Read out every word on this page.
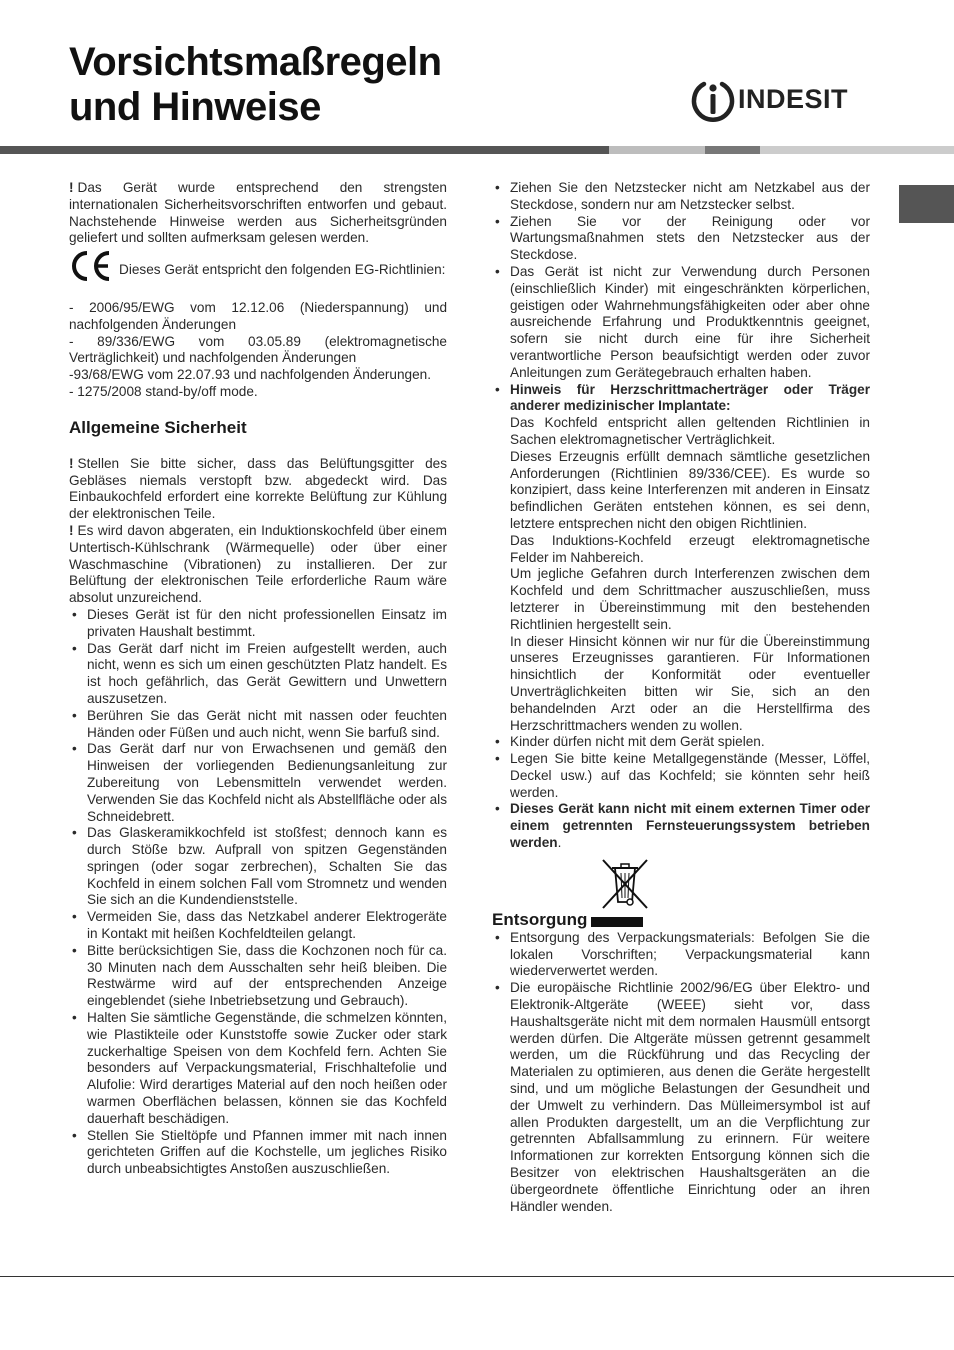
Vorsichtsmaßregeln
und Hinweise	INDESIT

! Das Gerät wurde entsprechend den strengsten internationalen Sicherheitsvorschriften entworfen und gebaut. Nachstehende Hinweise werden aus Sicherheitsgründen geliefert und sollten aufmerksam gelesen werden.

Dieses Gerät entspricht den folgenden EG-Richtlinien:

- 2006/95/EWG vom 12.12.06 (Niederspannung) und nachfolgenden Änderungen

- 89/336/EWG vom 03.05.89 (elektromagnetische Verträglichkeit) und nachfolgenden Änderungen

-93/68/EWG vom 22.07.93 und nachfolgenden Änderungen.

- 1275/2008 stand-by/off mode.

Allgemeine Sicherheit

! Stellen Sie bitte sicher, dass das Belüftungsgitter des Gebläses niemals verstopft bzw. abgedeckt wird. Das Einbaukochfeld erfordert eine korrekte Belüftung zur Kühlung der elektronischen Teile.

! Es wird davon abgeraten, ein Induktionskochfeld über einem Untertisch-Kühlschrank (Wärmequelle) oder über einer Waschmaschine (Vibrationen) zu installieren. Der zur Belüftung der elektronischen Teile erforderliche Raum wäre absolut unzureichend.

• Dieses Gerät ist für den nicht professionellen Einsatz im privaten Haushalt bestimmt.
• Das Gerät darf nicht im Freien aufgestellt werden, auch nicht, wenn es sich um einen geschützten Platz handelt. Es ist hoch gefährlich, das Gerät Gewittern und Unwettern auszusetzen.
• Berühren Sie das Gerät nicht mit nassen oder feuchten Händen oder Füßen und auch nicht, wenn Sie barfuß sind.
• Das Gerät darf nur von Erwachsenen und gemäß den Hinweisen der vorliegenden Bedienungsanleitung zur Zubereitung von Lebensmitteln verwendet werden. Verwenden Sie das Kochfeld nicht als Abstellfläche oder als Schneidebrett.
• Das Glaskeramikkochfeld ist stoßfest; dennoch kann es durch Stöße bzw. Aufprall von spitzen Gegenständen springen (oder sogar zerbrechen), Schalten Sie das Kochfeld in einem solchen Fall vom Stromnetz und wenden Sie sich an die Kundendienststelle.
• Vermeiden Sie, dass das Netzkabel anderer Elektrogeräte in Kontakt mit heißen Kochfeldteilen gelangt.
• Bitte berücksichtigen Sie, dass die Kochzonen noch für ca. 30 Minuten nach dem Ausschalten sehr heiß bleiben. Die Restwärme wird auf der entsprechenden Anzeige eingeblendet (siehe Inbetriebsetzung und Gebrauch).
• Halten Sie sämtliche Gegenstände, die schmelzen könnten, wie Plastikteile oder Kunststoffe sowie Zucker oder stark zuckerhaltige Speisen von dem Kochfeld fern. Achten Sie besonders auf Verpackungsmaterial, Frischhaltefolie und Alufolie: Wird derartiges Material auf den noch heißen oder warmen Oberflächen belassen, können sie das Kochfeld dauerhaft beschädigen.
• Stellen Sie Stieltöpfe und Pfannen immer mit nach innen gerichteten Griffen auf die Kochstelle, um jegliches Risiko durch unbeabsichtigtes Anstoßen auszuschließen.
• Ziehen Sie den Netzstecker nicht am Netzkabel aus der Steckdose, sondern nur am Netzstecker selbst.
• Ziehen Sie vor der Reinigung oder vor Wartungsmaßnahmen stets den Netzstecker aus der Steckdose.
• Das Gerät ist nicht zur Verwendung durch Personen (einschließlich Kinder) mit eingeschränkten körperlichen, geistigen oder Wahrnehmungsfähigkeiten oder aber ohne ausreichende Erfahrung und Produktkenntnis geeignet, sofern sie nicht durch eine für ihre Sicherheit verantwortliche Person beaufsichtigt werden oder zuvor Anleitungen zum Gerätegebrauch erhalten haben.
• Hinweis für Herzschrittmacherträger oder Träger anderer medizinischer Implantate:
Das Kochfeld entspricht allen geltenden Richtlinien in Sachen elektromagnetischer Verträglichkeit.
Dieses Erzeugnis erfüllt demnach sämtliche gesetzlichen Anforderungen (Richtlinien 89/336/CEE). Es wurde so konzipiert, dass keine Interferenzen mit anderen in Einsatz befindlichen Geräten entstehen können, es sei denn, letztere entsprechen nicht den obigen Richtlinien.
Das Induktions-Kochfeld erzeugt elektromagnetische Felder im Nahbereich.
Um jegliche Gefahren durch Interferenzen zwischen dem Kochfeld und dem Schrittmacher auszuschließen, muss letzterer in Übereinstimmung mit den bestehenden Richtlinien hergestellt sein.
In dieser Hinsicht können wir nur für die Übereinstimmung unseres Erzeugnisses garantieren. Für Informationen hinsichtlich der Konformität oder eventueller Unverträglichkeiten bitten wir Sie, sich an den behandelnden Arzt oder an die Herstellfirma des Herzschrittmachers wenden zu wollen.
• Kinder dürfen nicht mit dem Gerät spielen.
• Legen Sie bitte keine Metallgegenstände (Messer, Löffel, Deckel usw.) auf das Kochfeld; sie könnten sehr heiß werden.
• Dieses Gerät kann nicht mit einem externen Timer oder einem getrennten Fernsteuerungssystem betrieben werden.
Entsorgung
• Entsorgung des Verpackungsmaterials: Befolgen Sie die lokalen Vorschriften; Verpackungsmaterial kann wiederverwertet werden.
• Die europäische Richtlinie 2002/96/EG über Elektro- und Elektronik-Altgeräte (WEEE) sieht vor, dass Haushaltsgeräte nicht mit dem normalen Hausmüll entsorgt werden dürfen. Die Altgeräte müssen getrennt gesammelt werden, um die Rückführung und das Recycling der Materialen zu optimieren, aus denen die Geräte hergestellt sind, und um mögliche Belastungen der Gesundheit und der Umwelt zu verhindern. Das Mülleimersymbol ist auf allen Produkten dargestellt, um an die Verpflichtung zur getrennten Abfallsammlung zu erinnern. Für weitere Informationen zur korrekten Entsorgung können sich die Besitzer von elektrischen Haushaltsgeräten an die übergeordnete öffentliche Einrichtung oder an ihren Händler wenden.
